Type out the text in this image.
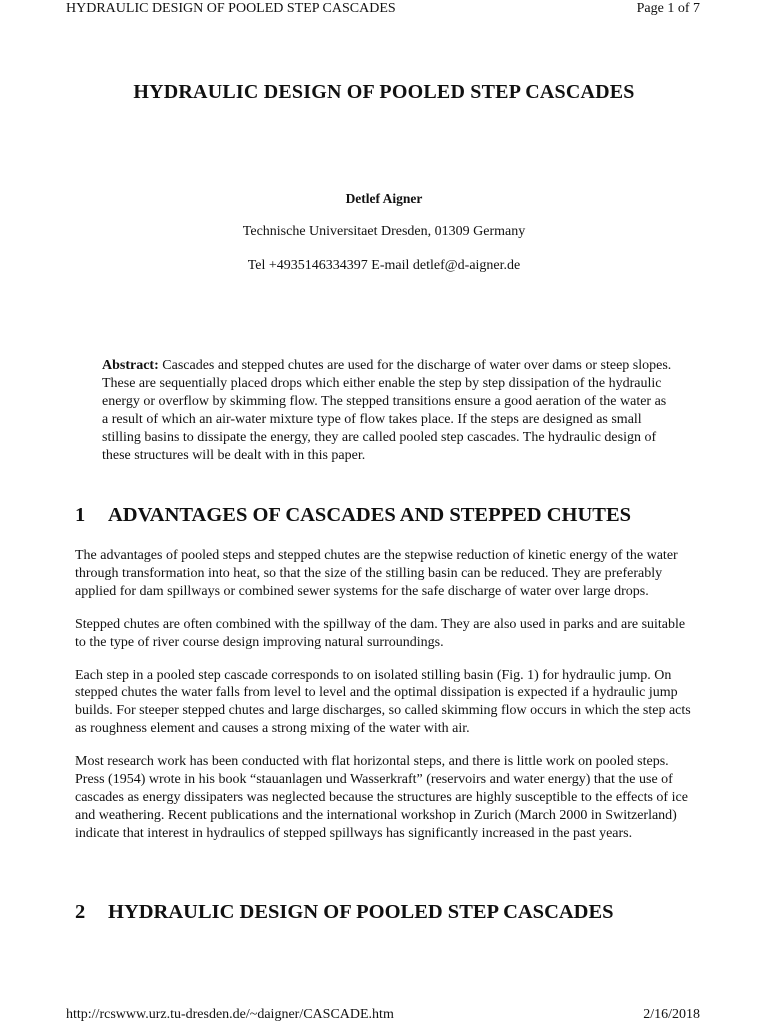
HYDRAULIC DESIGN OF POOLED STEP CASCADES	Page 1 of 7
HYDRAULIC DESIGN OF POOLED STEP CASCADES
Detlef Aigner
Technische Universitaet Dresden, 01309 Germany
Tel +4935146334397 E-mail detlef@d-aigner.de
Abstract: Cascades and stepped chutes are used for the discharge of water over dams or steep slopes. These are sequentially placed drops which either enable the step by step dissipation of the hydraulic energy or overflow by skimming flow. The stepped transitions ensure a good aeration of the water as a result of which an air-water mixture type of flow takes place. If the steps are designed as small stilling basins to dissipate the energy, they are called pooled step cascades. The hydraulic design of these structures will be dealt with in this paper.
1 ADVANTAGES OF CASCADES AND STEPPED CHUTES

The advantages of pooled steps and stepped chutes are the stepwise reduction of kinetic energy of the water through transformation into heat, so that the size of the stilling basin can be reduced. They are preferably applied for dam spillways or combined sewer systems for the safe discharge of water over large drops.

Stepped chutes are often combined with the spillway of the dam. They are also used in parks and are suitable to the type of river course design improving natural surroundings.

Each step in a pooled step cascade corresponds to on isolated stilling basin (Fig. 1) for hydraulic jump. On stepped chutes the water falls from level to level and the optimal dissipation is expected if a hydraulic jump builds. For steeper stepped chutes and large discharges, so called skimming flow occurs in which the step acts as roughness element and causes a strong mixing of the water with air.

Most research work has been conducted with flat horizontal steps, and there is little work on pooled steps. Press (1954) wrote in his book “stauanlagen und Wasserkraft” (reservoirs and water energy) that the use of cascades as energy dissipaters was neglected because the structures are highly susceptible to the effects of ice and weathering. Recent publications and the international workshop in Zurich (March 2000 in Switzerland) indicate that interest in hydraulics of stepped spillways has significantly increased in the past years.

2 HYDRAULIC DESIGN OF POOLED STEP CASCADES
http://rcswww.urz.tu-dresden.de/~daigner/CASCADE.htm	2/16/2018
